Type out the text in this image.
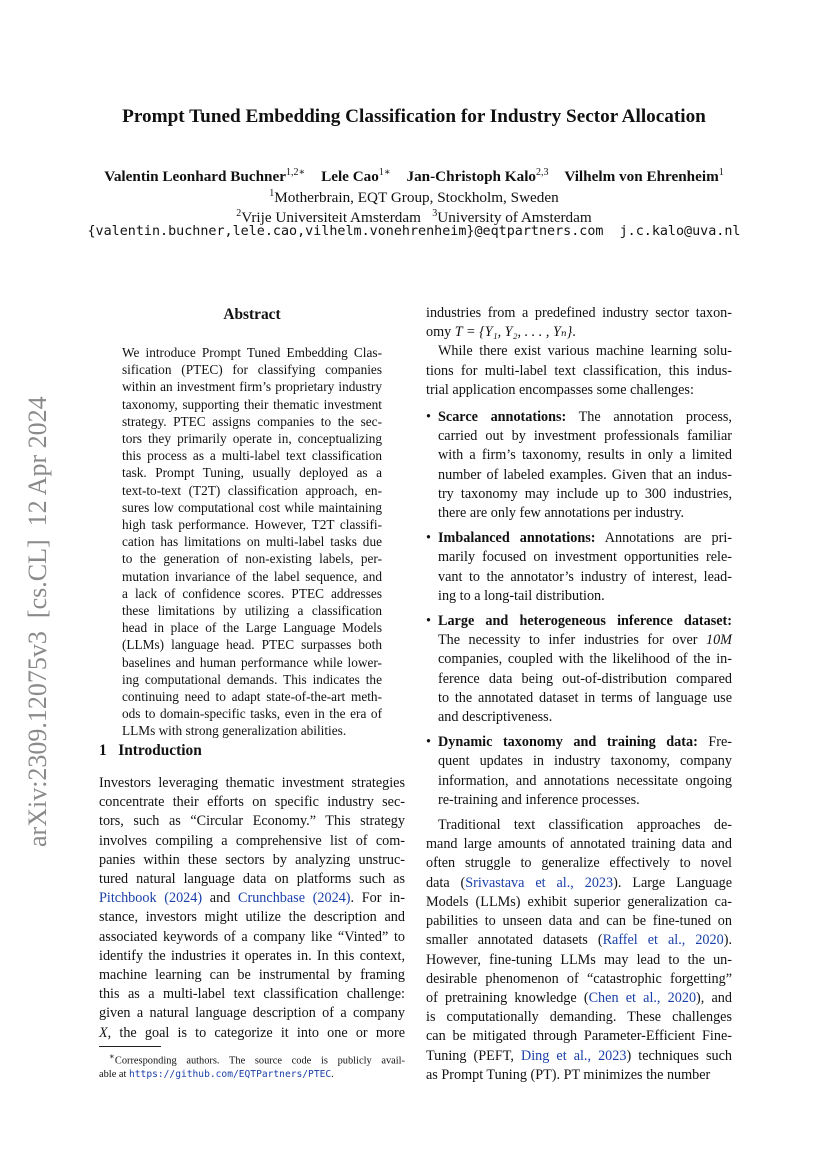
Prompt Tuned Embedding Classification for Industry Sector Allocation
Valentin Leonhard Buchner$^{1,2∗}$ Lele Cao$^{1∗}$ Jan-Christoph Kalo$^{2,3}$ Vilhelm von Ehrenheim$^1$
$^1$Motherbrain, EQT Group, Stockholm, Sweden
$^2$Vrije Universiteit Amsterdam $^3$University of Amsterdam
{valentin.buchner,lele.cao,vilhelm.vonehrenheim}@eqtpartners.com  j.c.kalo@uva.nl
arXiv:2309.12075v3  [cs.CL]  12 Apr 2024
Abstract
We introduce Prompt Tuned Embedding Clas-
sification (PTEC) for classifying companies
within an investment firm’s proprietary industry
taxonomy, supporting their thematic investment
strategy. PTEC assigns companies to the sec-
tors they primarily operate in, conceptualizing
this process as a multi-label text classification
task. Prompt Tuning, usually deployed as a
text-to-text (T2T) classification approach, en-
sures low computational cost while maintaining
high task performance. However, T2T classifi-
cation has limitations on multi-label tasks due
to the generation of non-existing labels, per-
mutation invariance of the label sequence, and
a lack of confidence scores. PTEC addresses
these limitations by utilizing a classification
head in place of the Large Language Models
(LLMs) language head. PTEC surpasses both
baselines and human performance while lower-
ing computational demands. This indicates the
continuing need to adapt state-of-the-art meth-
ods to domain-specific tasks, even in the era of
LLMs with strong generalization abilities.
1 Introduction
Investors leveraging thematic investment strategies
concentrate their efforts on specific industry sec-
tors, such as “Circular Economy.” This strategy
involves compiling a comprehensive list of com-
panies within these sectors by analyzing unstruc-
tured natural language data on platforms such as
Pitchbook (2024) and Crunchbase (2024). For in-
stance, investors might utilize the description and
associated keywords of a company like “Vinted” to
identify the industries it operates in. In this context,
machine learning can be instrumental by framing
this as a multi-label text classification challenge:
given a natural language description of a company
X, the goal is to categorize it into one or more
∗Corresponding authors. The source code is publicly avail-
able at https://github.com/EQTPartners/PTEC.
industries from a predefined industry sector taxon-
omy T = {Y₁, Y₂, . . . , Yₙ}.
While there exist various machine learning solu-
tions for multi-label text classification, this indus-
trial application encompasses some challenges:
• Scarce annotations: The annotation process,
carried out by investment professionals familiar
with a firm’s taxonomy, results in only a limited
number of labeled examples. Given that an indus-
try taxonomy may include up to 300 industries,
there are only few annotations per industry.
• Imbalanced annotations: Annotations are pri-
marily focused on investment opportunities rele-
vant to the annotator’s industry of interest, lead-
ing to a long-tail distribution.
• Large and heterogeneous inference dataset:
The necessity to infer industries for over 10M
companies, coupled with the likelihood of the in-
ference data being out-of-distribution compared
to the annotated dataset in terms of language use
and descriptiveness.
• Dynamic taxonomy and training data: Fre-
quent updates in industry taxonomy, company
information, and annotations necessitate ongoing
re-training and inference processes.
Traditional text classification approaches de-
mand large amounts of annotated training data and
often struggle to generalize effectively to novel
data (Srivastava et al., 2023). Large Language
Models (LLMs) exhibit superior generalization ca-
pabilities to unseen data and can be fine-tuned on
smaller annotated datasets (Raffel et al., 2020).
However, fine-tuning LLMs may lead to the un-
desirable phenomenon of “catastrophic forgetting”
of pretraining knowledge (Chen et al., 2020), and
is computationally demanding. These challenges
can be mitigated through Parameter-Efficient Fine-
Tuning (PEFT, Ding et al., 2023) techniques such
as Prompt Tuning (PT). PT minimizes the number
